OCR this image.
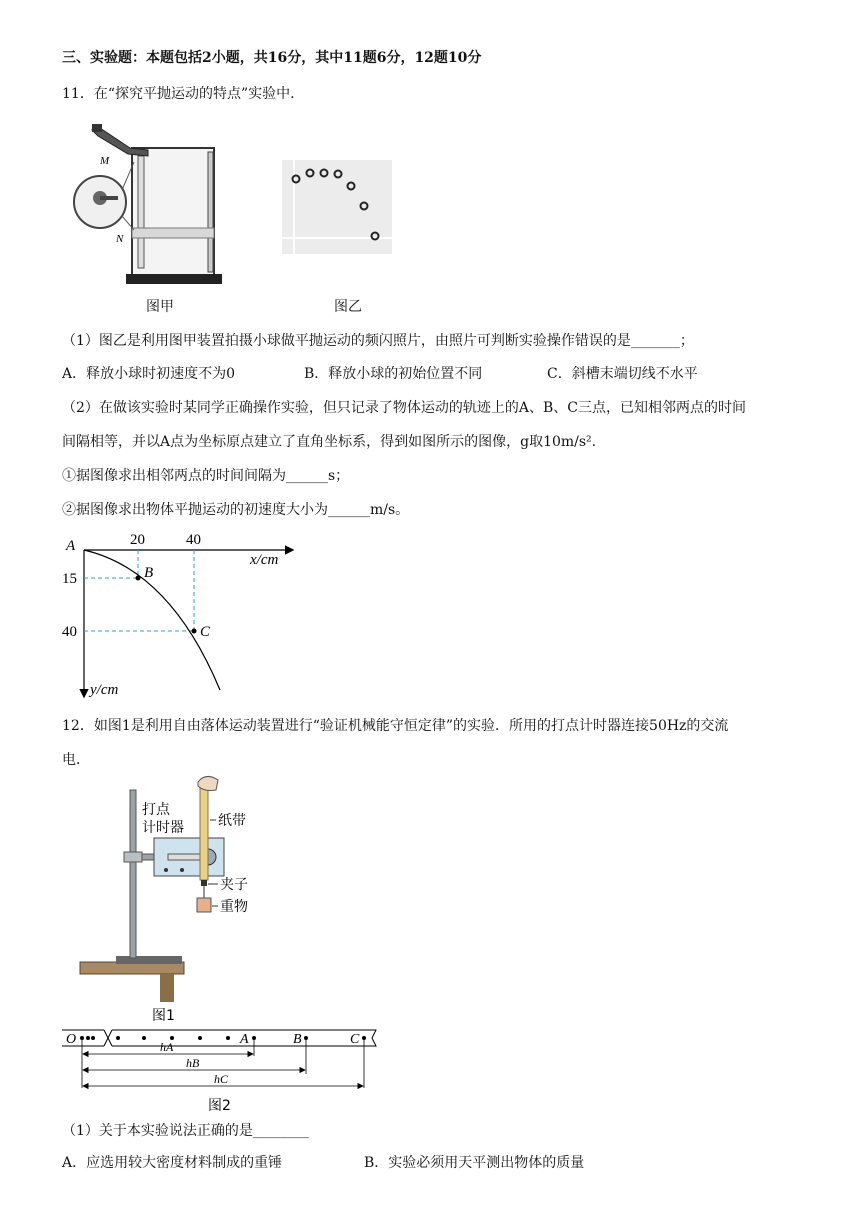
三、实验题：本题包括2小题，共16分，其中11题6分，12题10分
11．在“探究平抛运动的特点”实验中.
M
N
图甲	图乙
（1）图乙是利用图甲装置拍摄小球做平抛运动的频闪照片，由照片可判断实验操作错误的是_______；
A．释放小球时初速度不为0	B．释放小球的初始位置不同	C．斜槽末端切线不水平
（2）在做该实验时某同学正确操作实验，但只记录了物体运动的轨迹上的A、B、C三点，已知相邻两点的时间
间隔相等，并以A点为坐标原点建立了直角坐标系，得到如图所示的图像，g取10m/s².
①据图像求出相邻两点的时间间隔为______s；
②据图像求出物体平抛运动的初速度大小为______m/s。
A	20	40
x/cm
15
40
B
C
y/cm
12．如图1是利用自由落体运动装置进行“验证机械能守恒定律”的实验．所用的打点计时器连接50Hz的交流
电．
打点
计时器 纸带
夹子
重物
图1
O	A	B	C
hA
hB
hC
图2
（1）关于本实验说法正确的是________
A．应选用较大密度材料制成的重锤	B．实验必须用天平测出物体的质量
